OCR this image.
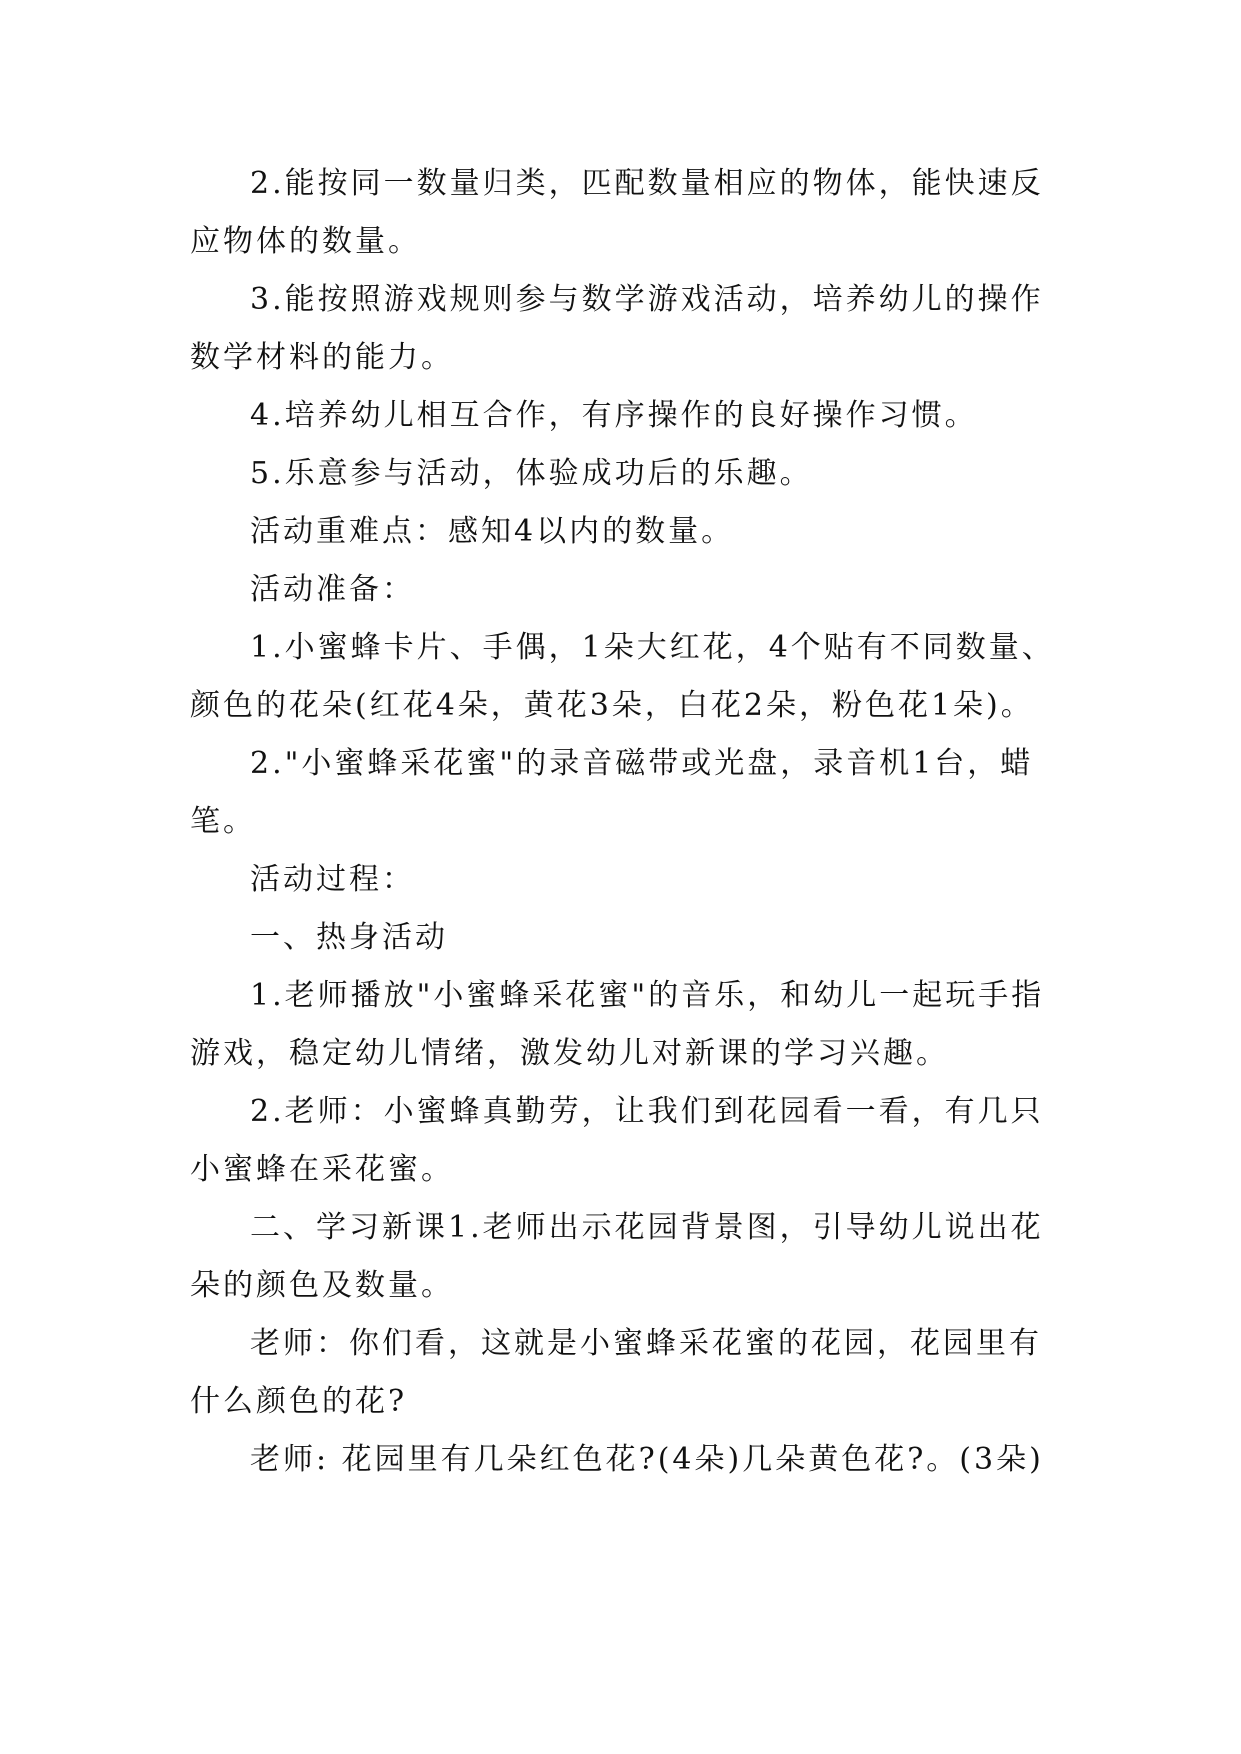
2.能按同一数量归类，匹配数量相应的物体，能快速反应物体的数量。

3.能按照游戏规则参与数学游戏活动，培养幼儿的操作数学材料的能力。

4.培养幼儿相互合作，有序操作的良好操作习惯。

5.乐意参与活动，体验成功后的乐趣。

活动重难点：感知4以内的数量。

活动准备：

1.小蜜蜂卡片、手偶，1朵大红花，4个贴有不同数量、颜色的花朵(红花4朵，黄花3朵，白花2朵，粉色花1朵)。

2."小蜜蜂采花蜜"的录音磁带或光盘，录音机1台，蜡笔。

活动过程：

一、热身活动

1.老师播放"小蜜蜂采花蜜"的音乐，和幼儿一起玩手指游戏，稳定幼儿情绪，激发幼儿对新课的学习兴趣。

2.老师：小蜜蜂真勤劳，让我们到花园看一看，有几只小蜜蜂在采花蜜。

二、学习新课1.老师出示花园背景图，引导幼儿说出花朵的颜色及数量。

老师：你们看，这就是小蜜蜂采花蜜的花园，花园里有什么颜色的花?

老师: 花园里有几朵红色花?(4朵)几朵黄色花?。(3朵)
